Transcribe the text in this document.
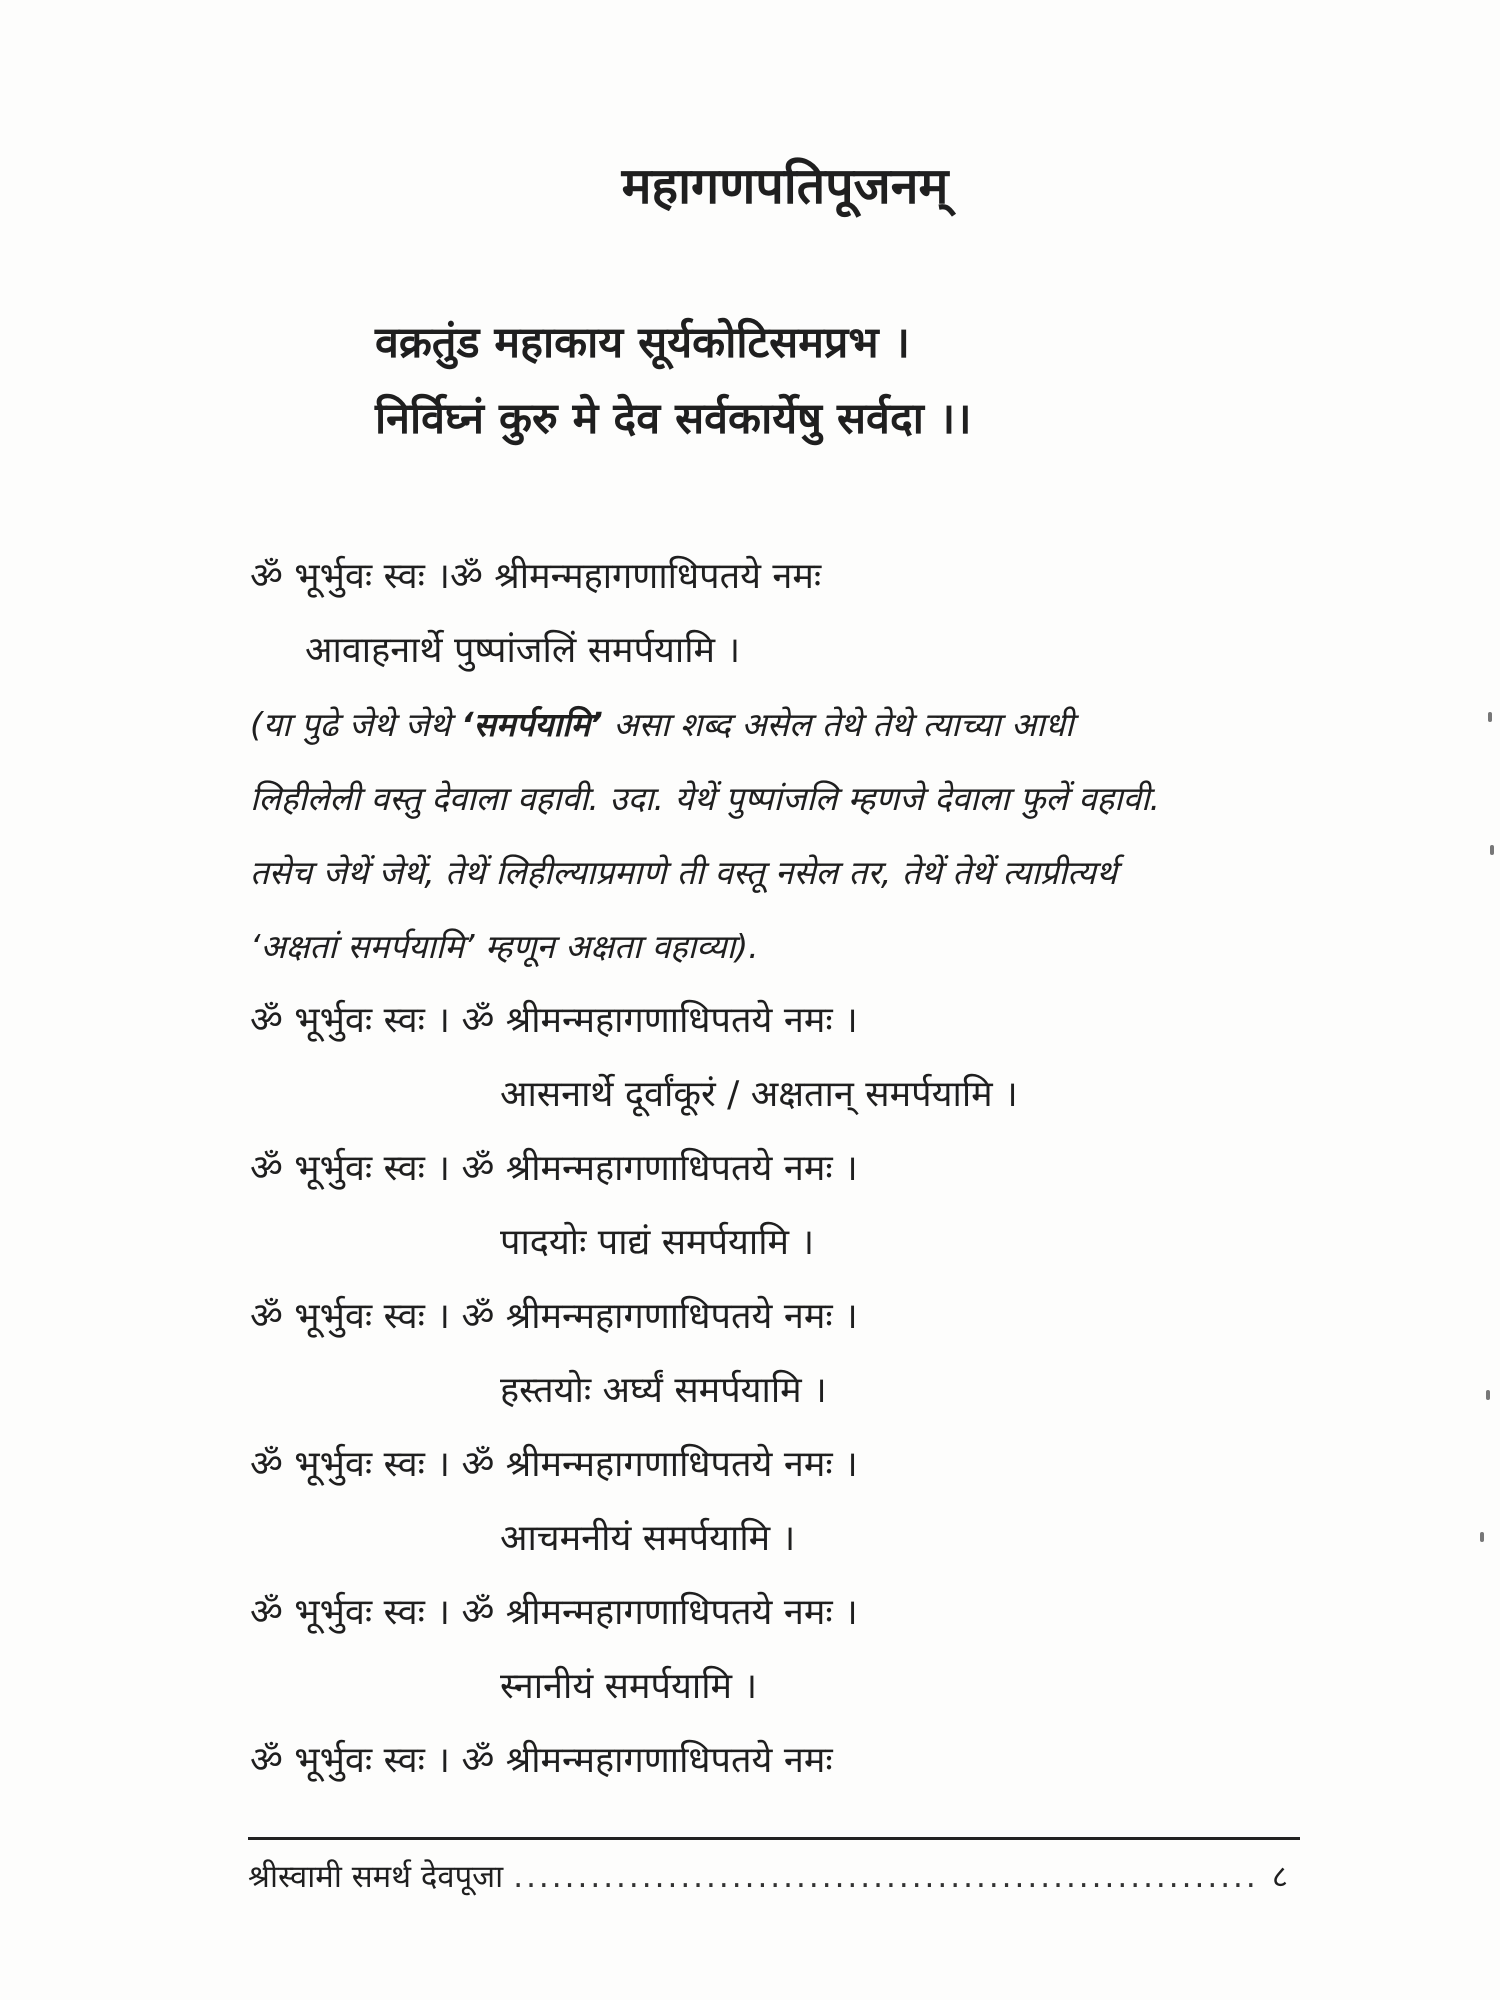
महागणपतिपूजनम्
वक्रतुंड महाकाय सूर्यकोटिसमप्रभ ।
निर्विघ्नं कुरु मे देव सर्वकार्येषु सर्वदा ।।
ॐ भूर्भुवः स्वः ।ॐ श्रीमन्महागणाधिपतये नमः
आवाहनार्थे पुष्पांजलिं समर्पयामि ।
(या पुढे जेथे जेथे ‘समर्पयामि’ असा शब्द असेल तेथे तेथे त्याच्या आधी
लिहीलेली वस्तु देवाला वहावी. उदा. येथें पुष्पांजलि म्हणजे देवाला फुलें वहावी.
तसेच जेथें जेथें, तेथें लिहील्याप्रमाणे ती वस्तू नसेल तर, तेथें तेथें त्याप्रीत्यर्थ
‘अक्षतां समर्पयामि’ म्हणून अक्षता वहाव्या).
ॐ भूर्भुवः स्वः । ॐ श्रीमन्महागणाधिपतये नमः ।
आसनार्थे दूर्वांकूरं / अक्षतान् समर्पयामि ।
ॐ भूर्भुवः स्वः । ॐ श्रीमन्महागणाधिपतये नमः ।
पादयोः पाद्यं समर्पयामि ।
ॐ भूर्भुवः स्वः । ॐ श्रीमन्महागणाधिपतये नमः ।
हस्तयोः अर्घ्यं समर्पयामि ।
ॐ भूर्भुवः स्वः । ॐ श्रीमन्महागणाधिपतये नमः ।
आचमनीयं समर्पयामि ।
ॐ भूर्भुवः स्वः । ॐ श्रीमन्महागणाधिपतये नमः ।
स्नानीयं समर्पयामि ।
ॐ भूर्भुवः स्वः । ॐ श्रीमन्महागणाधिपतये नमः
श्रीस्वामी समर्थ देवपूजा
.....	८
